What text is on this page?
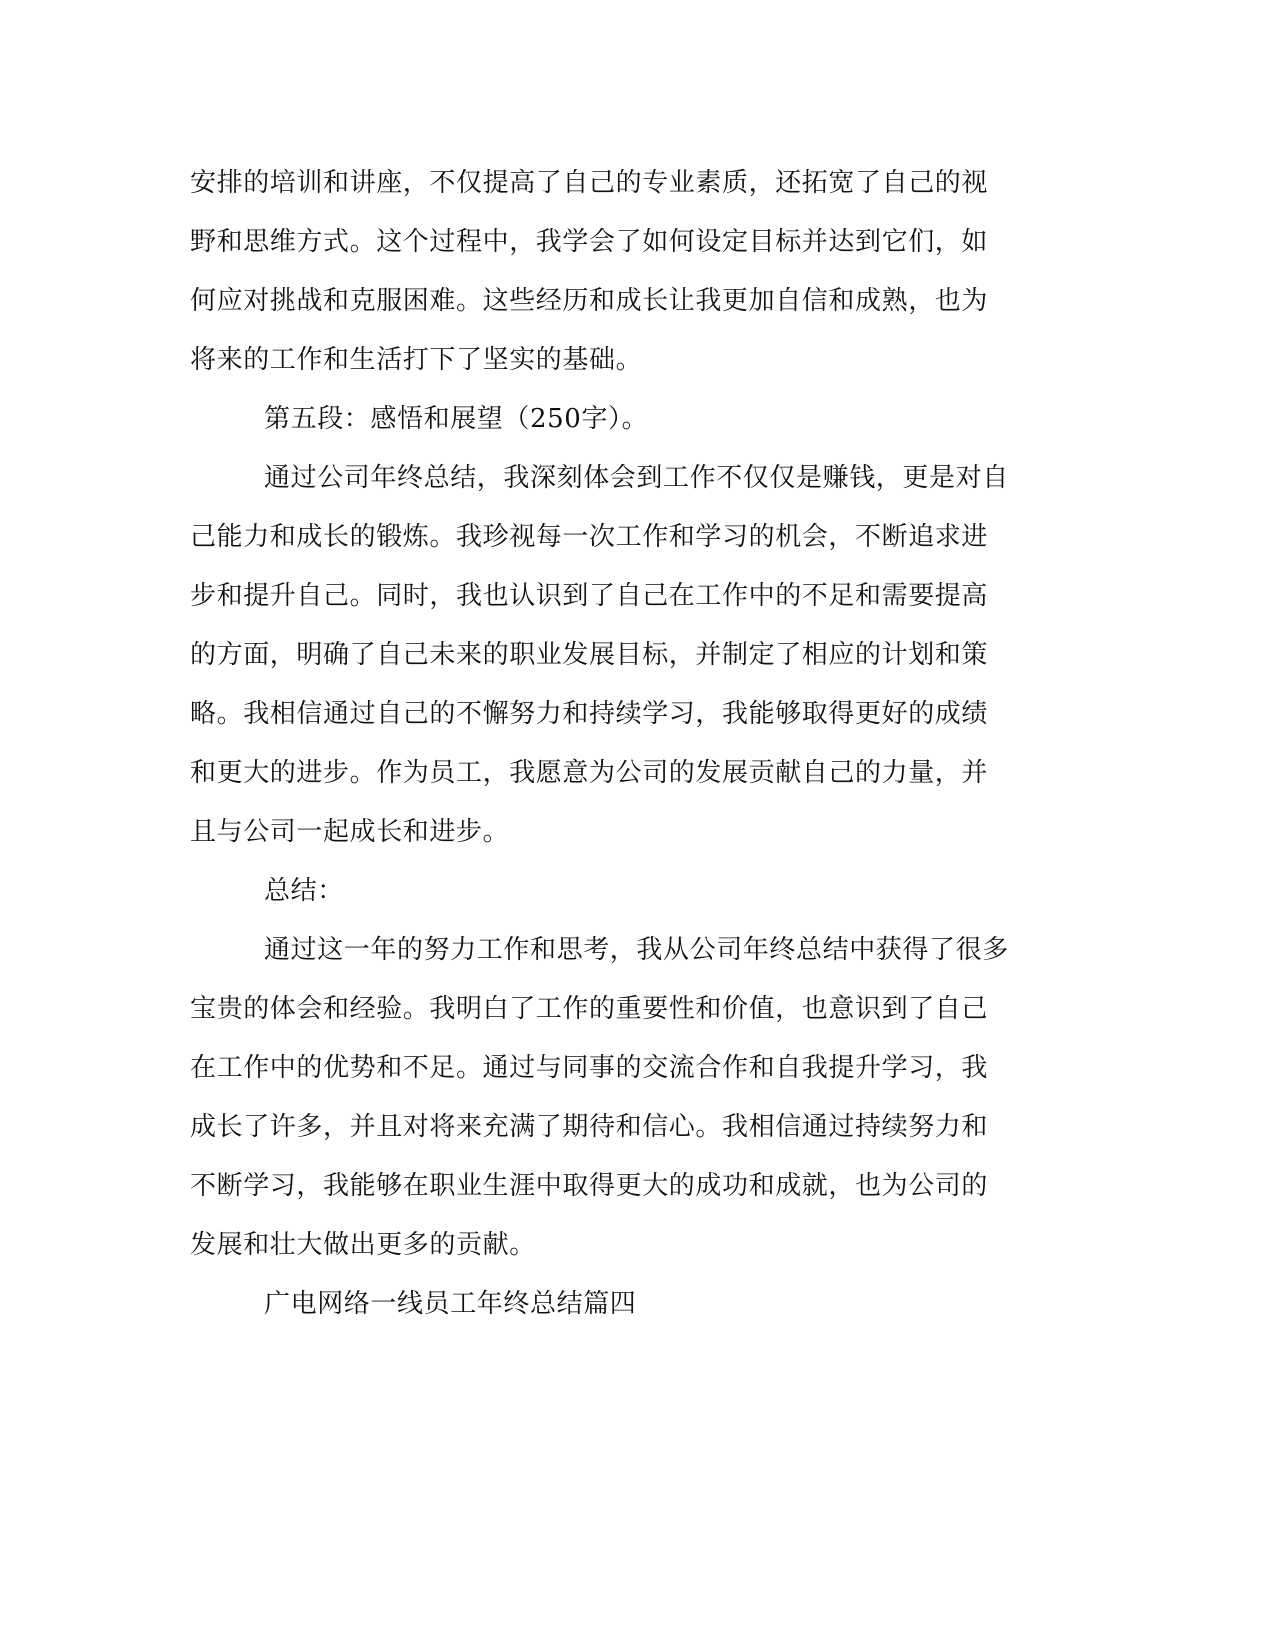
安排的培训和讲座，不仅提高了自己的专业素质，还拓宽了自己的视
野和思维方式。这个过程中，我学会了如何设定目标并达到它们，如
何应对挑战和克服困难。这些经历和成长让我更加自信和成熟，也为
将来的工作和生活打下了坚实的基础。
第五段：感悟和展望（250字）。
通过公司年终总结，我深刻体会到工作不仅仅是赚钱，更是对自
己能力和成长的锻炼。我珍视每一次工作和学习的机会，不断追求进
步和提升自己。同时，我也认识到了自己在工作中的不足和需要提高
的方面，明确了自己未来的职业发展目标，并制定了相应的计划和策
略。我相信通过自己的不懈努力和持续学习，我能够取得更好的成绩
和更大的进步。作为员工，我愿意为公司的发展贡献自己的力量，并
且与公司一起成长和进步。
总结：
通过这一年的努力工作和思考，我从公司年终总结中获得了很多
宝贵的体会和经验。我明白了工作的重要性和价值，也意识到了自己
在工作中的优势和不足。通过与同事的交流合作和自我提升学习，我
成长了许多，并且对将来充满了期待和信心。我相信通过持续努力和
不断学习，我能够在职业生涯中取得更大的成功和成就，也为公司的
发展和壮大做出更多的贡献。
广电网络一线员工年终总结篇四
